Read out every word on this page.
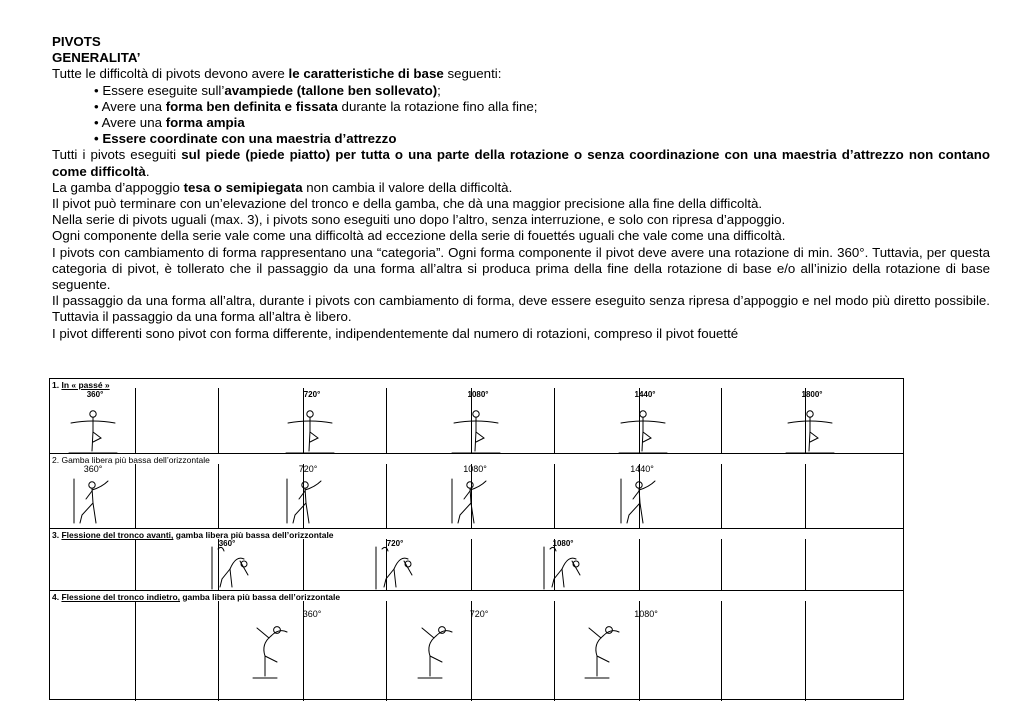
PIVOTS

GENERALITA’

Tutte le difficoltà di pivots devono avere le caratteristiche di base seguenti:

• Essere eseguite sull’avampiede (tallone ben sollevato);

• Avere una forma ben definita e fissata durante la rotazione fino alla fine;

• Avere una forma ampia

• Essere coordinate con una maestria d’attrezzo

Tutti i pivots eseguiti sul piede (piede piatto) per tutta o una parte della rotazione o senza coordinazione con una maestria d’attrezzo non contano come difficoltà.

La gamba d’appoggio tesa o semipiegata non cambia il valore della difficoltà.

Il pivot può terminare con un’elevazione del tronco e della gamba, che dà una maggior precisione alla fine della difficoltà.

Nella serie di pivots uguali (max. 3), i pivots sono eseguiti uno dopo l’altro, senza interruzione, e solo con ripresa d’appoggio.

Ogni componente della serie vale come una difficoltà ad eccezione della serie di fouettés uguali che vale come una difficoltà.

I pivots con cambiamento di forma rappresentano una “categoria”. Ogni forma componente il pivot deve avere una rotazione di min. 360°. Tuttavia, per questa categoria di pivot, è tollerato che il passaggio da una forma all’altra si produca prima della fine della rotazione di base e/o all’inizio della rotazione di base seguente.

Il passaggio da una forma all’altra, durante i pivots con cambiamento di forma, deve essere eseguito senza ripresa d’appoggio e nel modo più diretto possibile. Tuttavia il passaggio da una forma all’altra è libero.

I pivot differenti sono pivot con forma differente, indipendentemente dal numero di rotazioni, compreso il pivot fouetté

1. In « passé »
360°	720°	1080°	1440°	1800°
2. Gamba libera più bassa dell’orizzontale
360°	720°	1080°	1440°
3. Flessione del tronco avanti, gamba libera più bassa dell’orizzontale
360°	720°	1080°
4. Flessione del tronco indietro, gamba libera più bassa dell’orizzontale
360°	720°	1080°
